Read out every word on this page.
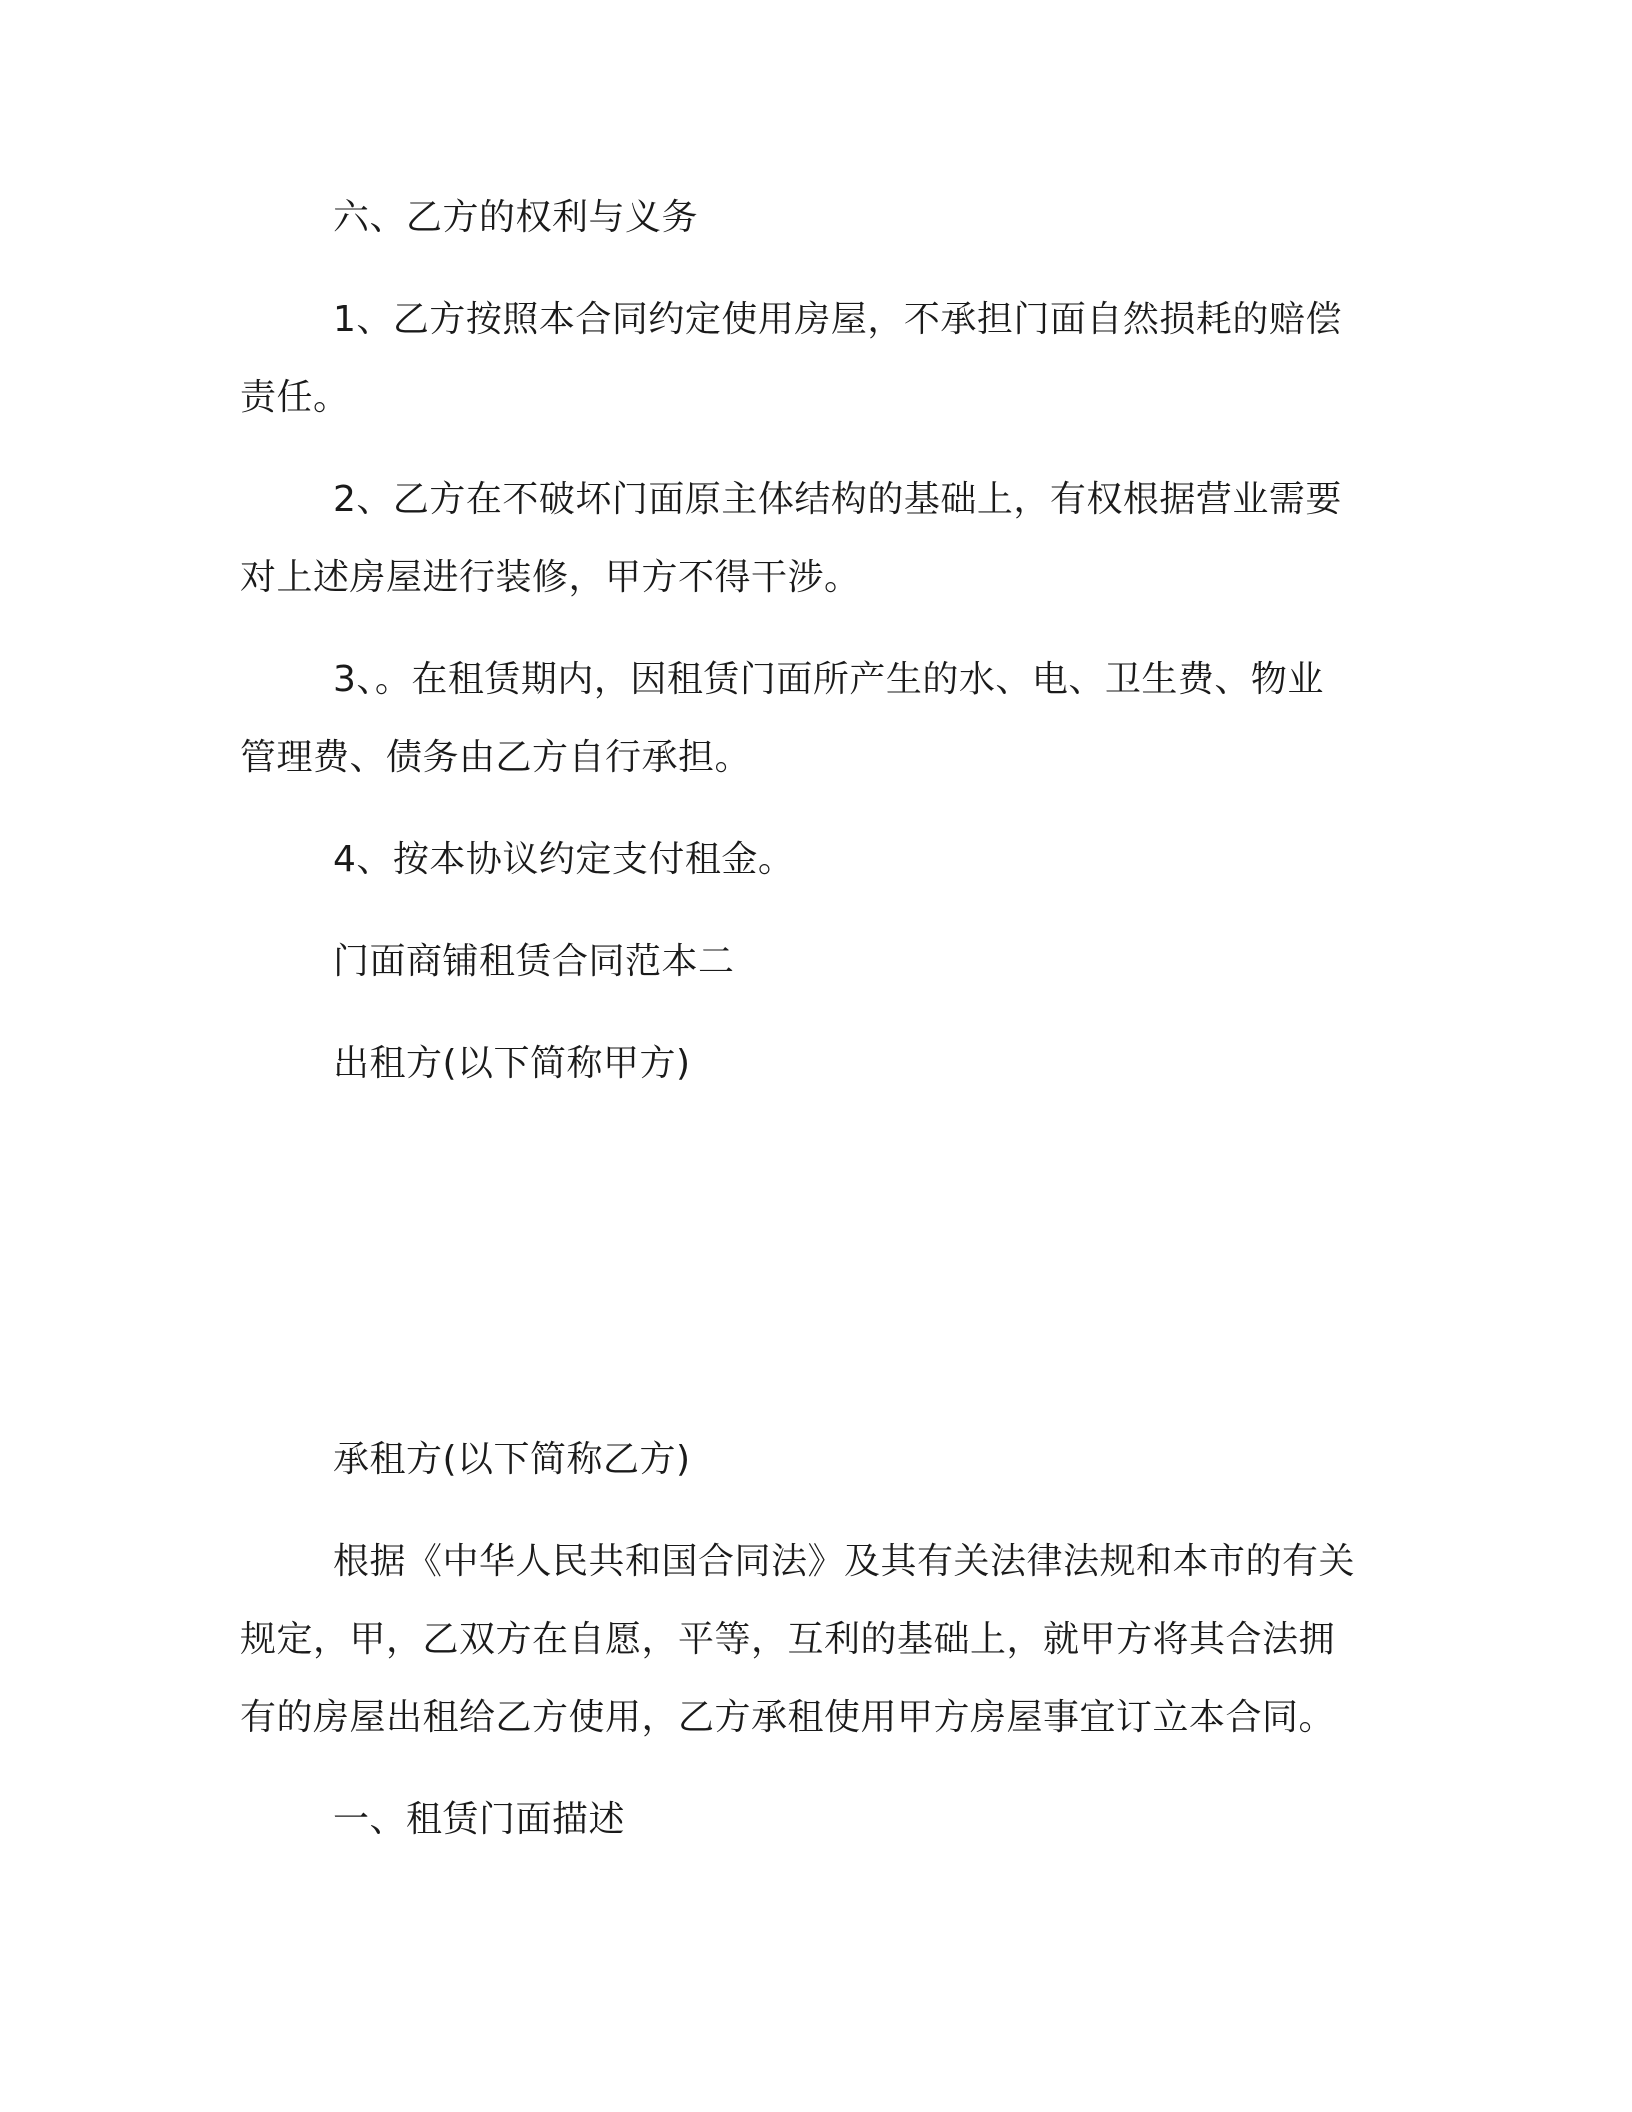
六、乙方的权利与义务
1、乙方按照本合同约定使用房屋，不承担门面自然损耗的赔偿
责任。
2、乙方在不破坏门面原主体结构的基础上，有权根据营业需要
对上述房屋进行装修，甲方不得干涉。
3、。在租赁期内，因租赁门面所产生的水、电、卫生费、物业
管理费、债务由乙方自行承担。
4、按本协议约定支付租金。
门面商铺租赁合同范本二
出租方(以下简称甲方)
承租方(以下简称乙方)
根据《中华人民共和国合同法》及其有关法律法规和本市的有关
规定，甲，乙双方在自愿，平等，互利的基础上，就甲方将其合法拥
有的房屋出租给乙方使用，乙方承租使用甲方房屋事宜订立本合同。
一、租赁门面描述
